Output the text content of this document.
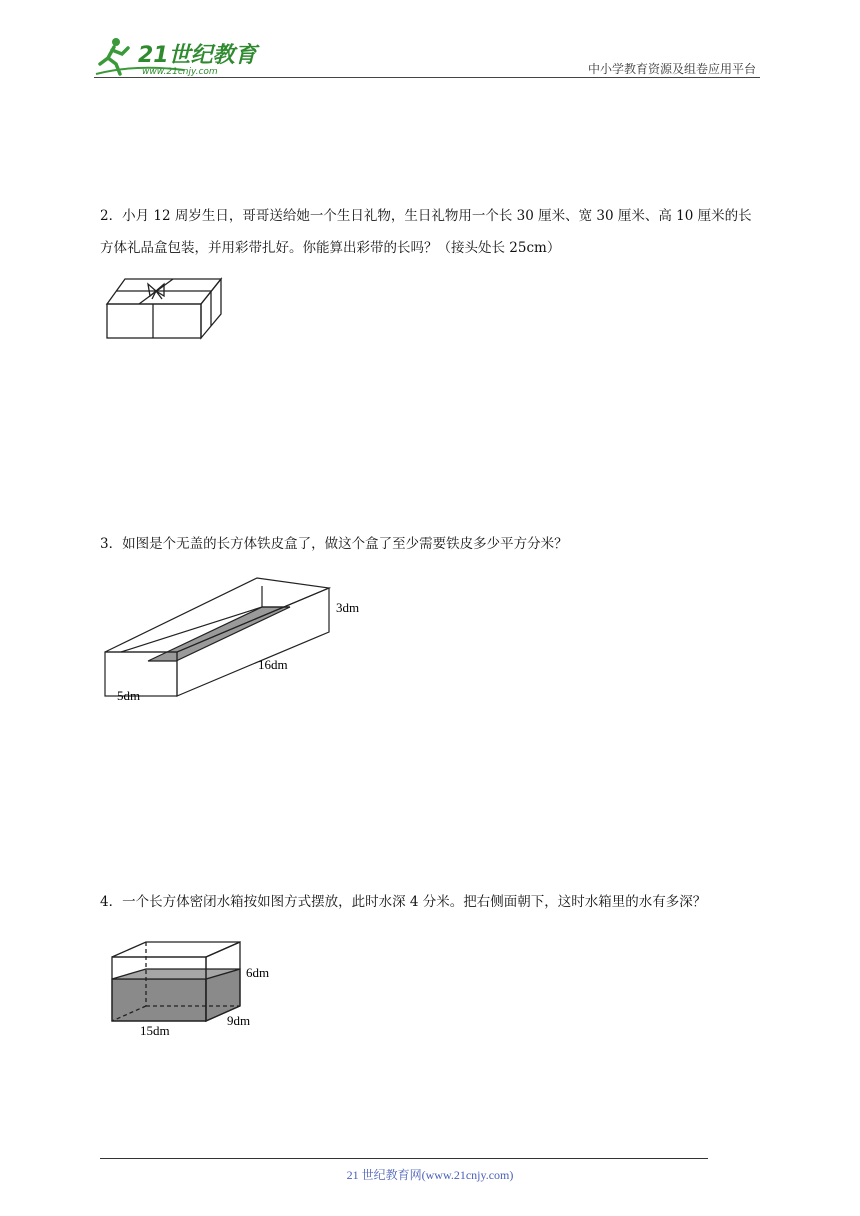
21世纪教育
www.21cnjy.com	中小学教育资源及组卷应用平台
2．小月 12 周岁生日，哥哥送给她一个生日礼物，生日礼物用一个长 30 厘米、宽 30 厘米、高 10 厘米的长方体礼品盒包装，并用彩带扎好。你能算出彩带的长吗？（接头处长 25cm）
3．如图是个无盖的长方体铁皮盒了，做这个盒了至少需要铁皮多少平方分米？
3dm
16dm
5dm
4．一个长方体密闭水箱按如图方式摆放，此时水深 4 分米。把右侧面朝下，这时水箱里的水有多深？
6dm
9dm
15dm
21 世纪教育网(www.21cnjy.com)
